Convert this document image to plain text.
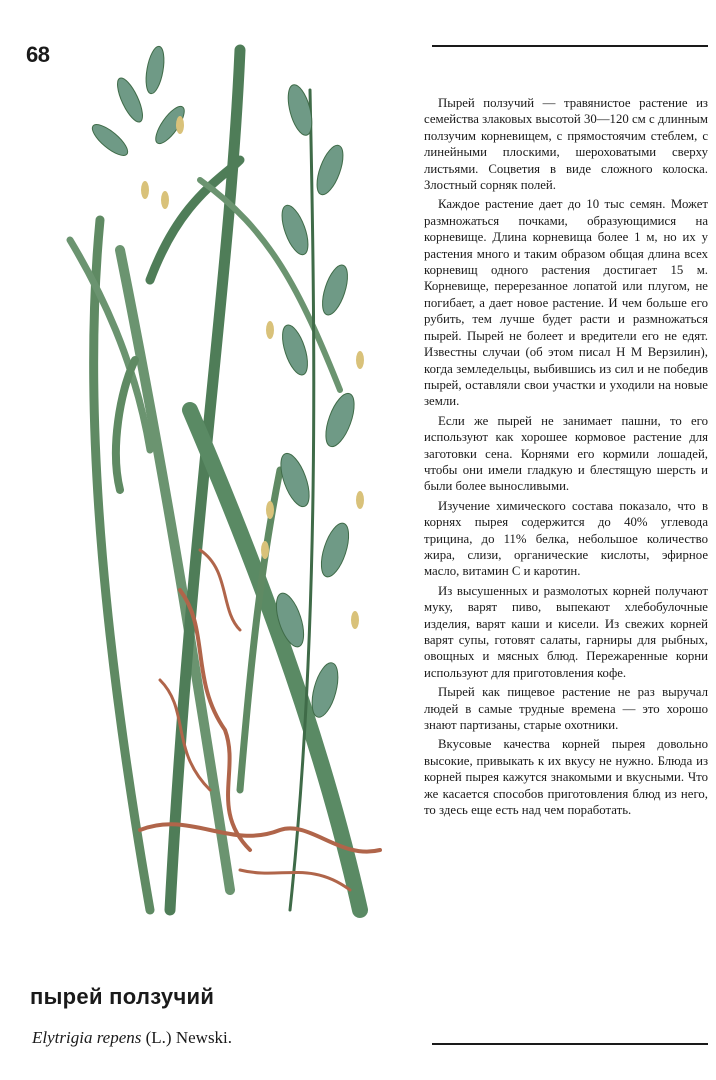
68

Пырей ползучий — травянистое растение из семейства злаковых высотой 30—120 см с длинным ползучим корневищем, с прямостоячим стеблем, с линейными плоскими, шероховатыми сверху листьями. Соцветия в виде сложного колоска. Злостный сорняк полей.

Каждое растение дает до 10 тыс семян. Может размножаться почками, образующимися на корневище. Длина корневища более 1 м, но их у растения много и таким образом общая длина всех корневищ одного растения достигает 15 м. Корневище, перерезанное лопатой или плугом, не погибает, а дает новое растение. И чем больше его рубить, тем лучше будет расти и размножаться пырей. Пырей не болеет и вредители его не едят. Известны случаи (об этом писал Н М Верзилин), когда земледельцы, выбившись из сил и не победив пырей, оставляли свои участки и уходили на новые земли.

Если же пырей не занимает пашни, то его используют как хорошее кормовое растение для заготовки сена. Корнями его кормили лошадей, чтобы они имели гладкую и блестящую шерсть и были более выносливыми.

Изучение химического состава показало, что в корнях пырея содержится до 40% углевода трицина, до 11% белка, небольшое количество жира, слизи, органические кислоты, эфирное масло, витамин С и каротин.

Из высушенных и размолотых корней получают муку, варят пиво, выпекают хлебобулочные изделия, варят каши и кисели. Из свежих корней варят супы, готовят салаты, гарниры для рыбных, овощных и мясных блюд. Пережаренные корни используют для приготовления кофе.

Пырей как пищевое растение не раз выручал людей в самые трудные времена — это хорошо знают партизаны, старые охотники.

Вкусовые качества корней пырея довольно высокие, привыкать к их вкусу не нужно. Блюда из корней пырея кажутся знакомыми и вкусными. Что же касается способов приготовления блюд из него, то здесь еще есть над чем поработать.

пырей ползучий
Elytrigia repens (L.) Newski.
